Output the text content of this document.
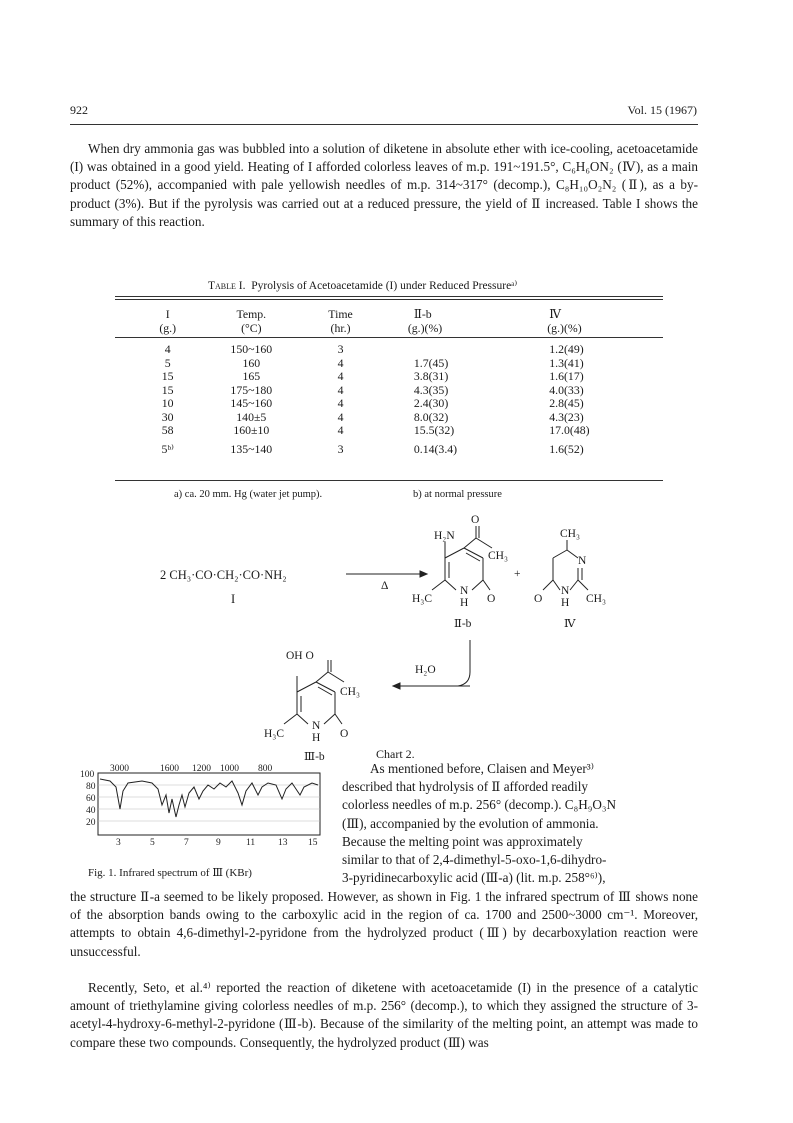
922	Vol. 15 (1967)

When dry ammonia gas was bubbled into a solution of diketene in absolute ether with ice-cooling, acetoacetamide (I) was obtained in a good yield. Heating of I afforded colorless leaves of m.p. 191~191.5°, C₆H₆ON₂ (Ⅳ), as a main product (52%), accompanied with pale yellowish needles of m.p. 314~317° (decomp.), C₈H₁₀O₂N₂ (Ⅱ), as a by-product (3%). But if the pyrolysis was carried out at a reduced pressure, the yield of Ⅱ increased. Table I shows the summary of this reaction.

Table I. Pyrolysis of Acetoacetamide (I) under Reduced Pressureᵃ⁾
I	Temp.	Time	Ⅱ-b	Ⅳ
(g.)	(°C)	(hr.)	(g.)(%)	(g.)(%)

4	150~160	3		1.2(49)
5	160	4	1.7(45)	1.3(41)
15	165	4	3.8(31)	1.6(17)
15	175~180	4	4.3(35)	4.0(33)
10	145~160	4	2.4(30)	2.8(45)
30	140±5	4	8.0(32)	4.3(23)
58	160±10	4	15.5(32)	17.0(48)

5ᵇ⁾	135~140	3	0.14(3.4)	1.6(52)
a) ca. 20 mm. Hg (water jet pump).	b) at normal pressure
2 CH₃·CO·CH₂·CO·NH₂
I
Δ
H₂N
O
CH₃
H₃C
N
H O
Ⅱ-b
+
CH₃
N
O
N
H CH₃
Ⅳ
H₂O
OH O
CH₃
H₃C
N
H O
Ⅲ-b	Chart 2.
3000	1600 1200 1000 800
3	5	7	9	11 13 15
100
80
60
40
20
Fig. 1. Infrared spectrum of Ⅲ (KBr)
As mentioned before, Claisen and Meyer³⁾
described that hydrolysis of Ⅱ afforded readily
colorless needles of m.p. 256° (decomp.). C₈H₉O₃N
(Ⅲ), accompanied by the evolution of ammonia.
Because the melting point was approximately
similar to that of 2,4-dimethyl-5-oxo-1,6-dihydro-
3-pyridinecarboxylic acid (Ⅲ-a) (lit. m.p. 258°⁶⁾),

the structure Ⅱ-a seemed to be likely proposed. However, as shown in Fig. 1 the infrared spectrum of Ⅲ shows none of the absorption bands owing to the carboxylic acid in the region of ca. 1700 and 2500~3000 cm⁻¹. Moreover, attempts to obtain 4,6-dimethyl-2-pyridone from the hydrolyzed product (Ⅲ) by decarboxylation reaction were unsuccessful.

Recently, Seto, et al.⁴⁾ reported the reaction of diketene with acetoacetamide (I) in the presence of a catalytic amount of triethylamine giving colorless needles of m.p. 256° (decomp.), to which they assigned the structure of 3-acetyl-4-hydroxy-6-methyl-2-pyridone (Ⅲ-b). Because of the similarity of the melting point, an attempt was made to compare these two compounds. Consequently, the hydrolyzed product (Ⅲ) was
